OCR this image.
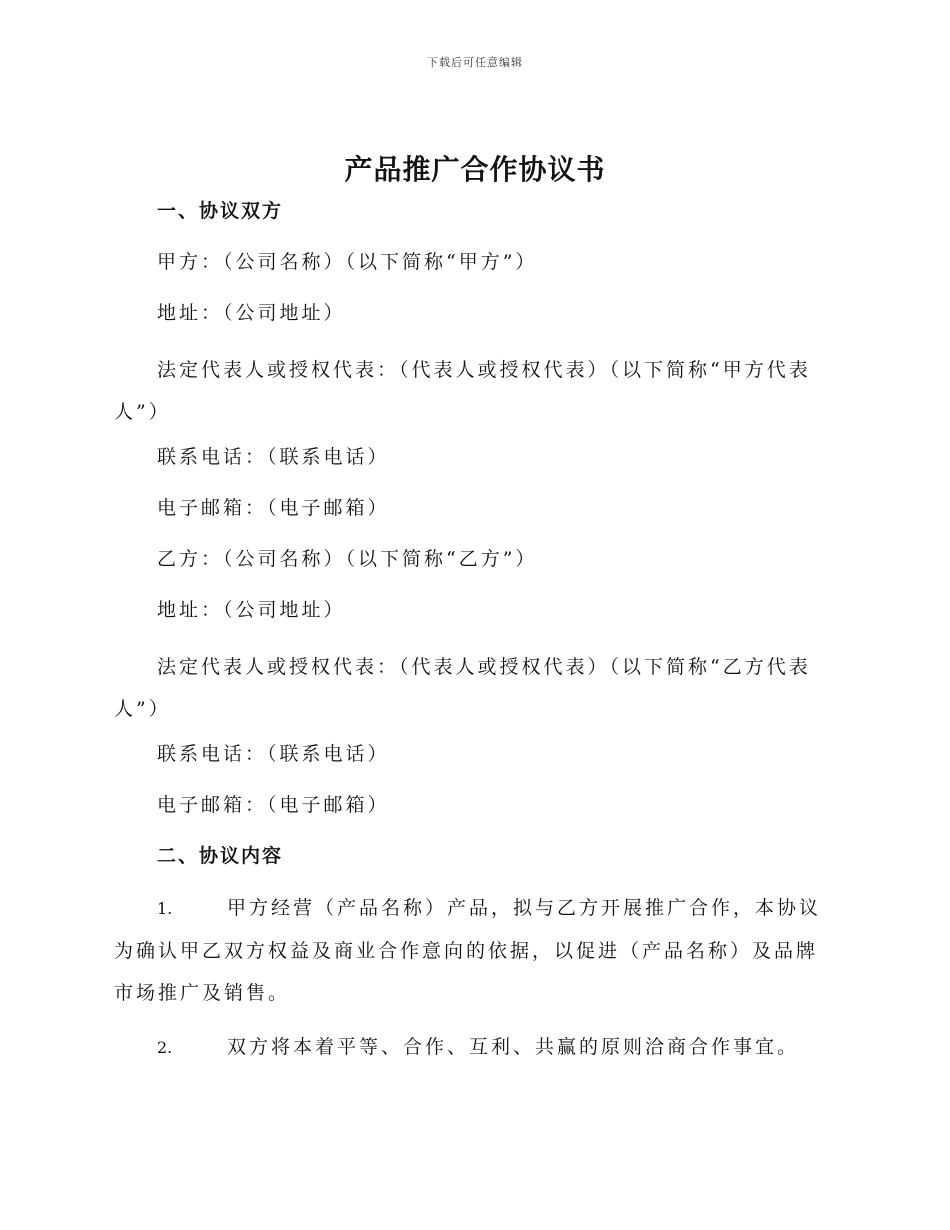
下载后可任意编辑
产品推广合作协议书
一、协议双方
甲方：（公司名称）（以下简称“甲方”）
地址：（公司地址）
法定代表人或授权代表：（代表人或授权代表）（以下简称“甲方代表人”）
联系电话：（联系电话）
电子邮箱：（电子邮箱）
乙方：（公司名称）（以下简称“乙方”）
地址：（公司地址）
法定代表人或授权代表：（代表人或授权代表）（以下简称“乙方代表人”）
联系电话：（联系电话）
电子邮箱：（电子邮箱）
二、协议内容
1.	甲方经营（产品名称）产品，拟与乙方开展推广合作，本协议为确认甲乙双方权益及商业合作意向的依据，以促进（产品名称）及品牌市场推广及销售。
2.	双方将本着平等、合作、互利、共赢的原则洽商合作事宜。
